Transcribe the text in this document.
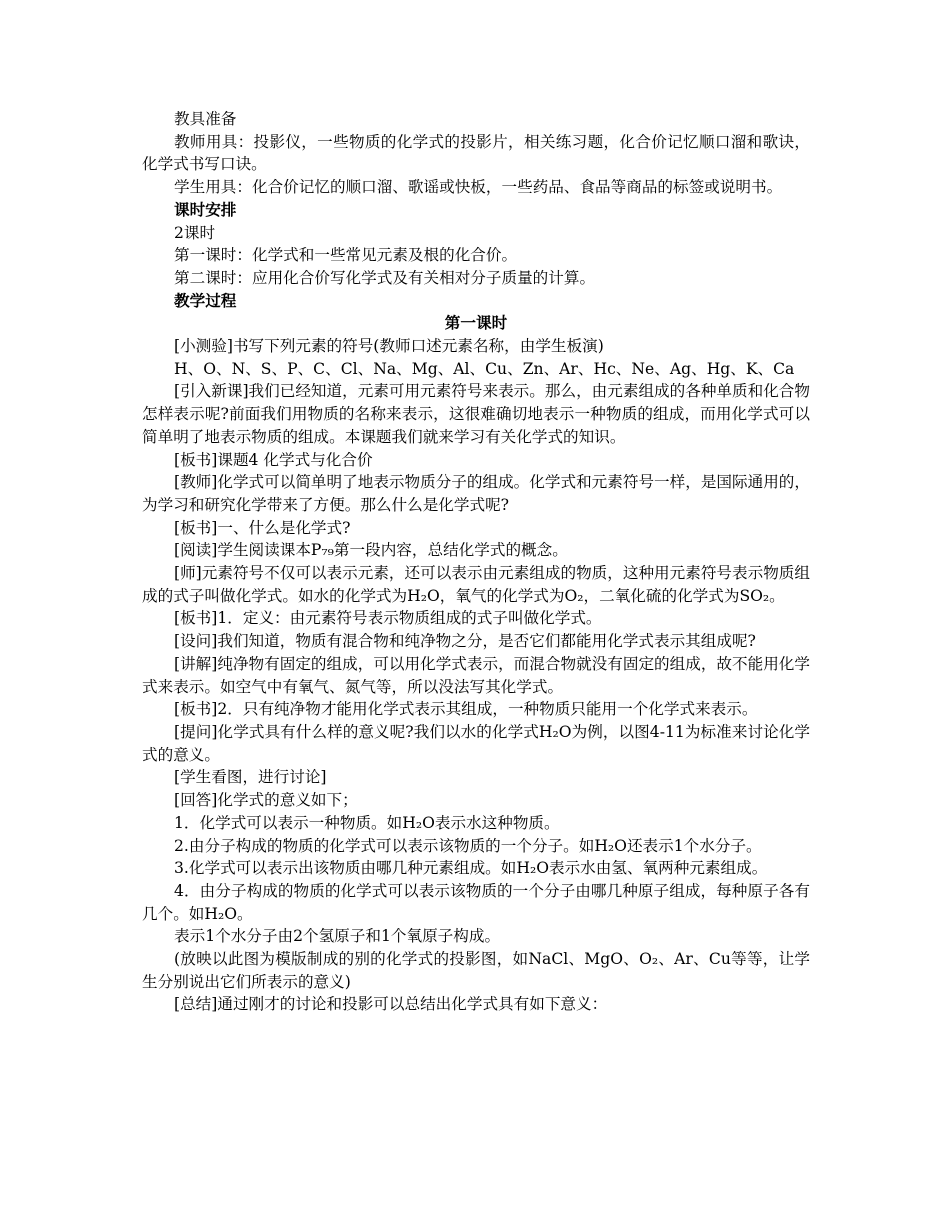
教具准备

教师用具：投影仪，一些物质的化学式的投影片，相关练习题，化合价记忆顺口溜和歌诀，化学式书写口诀。

学生用具：化合价记忆的顺口溜、歌谣或快板，一些药品、食品等商品的标签或说明书。

课时安排

2课时

第一课时：化学式和一些常见元素及根的化合价。

第二课时：应用化合价写化学式及有关相对分子质量的计算。

教学过程

第一课时

[小测验]书写下列元素的符号(教师口述元素名称，由学生板演)

H、O、N、S、P、C、Cl、Na、Mg、Al、Cu、Zn、Ar、Hc、Ne、Ag、Hg、K、Ca

[引入新课]我们已经知道，元素可用元素符号来表示。那么，由元素组成的各种单质和化合物怎样表示呢?前面我们用物质的名称来表示，这很难确切地表示一种物质的组成，而用化学式可以简单明了地表示物质的组成。本课题我们就来学习有关化学式的知识。

[板书]课题4 化学式与化合价

[教师]化学式可以简单明了地表示物质分子的组成。化学式和元素符号一样，是国际通用的，为学习和研究化学带来了方便。那么什么是化学式呢?

[板书]一、什么是化学式?

[阅读]学生阅读课本P₇₉第一段内容，总结化学式的概念。

[师]元素符号不仅可以表示元素，还可以表示由元素组成的物质，这种用元素符号表示物质组成的式子叫做化学式。如水的化学式为H₂O，氧气的化学式为O₂，二氧化硫的化学式为SO₂。

[板书]1．定义：由元素符号表示物质组成的式子叫做化学式。

[设问]我们知道，物质有混合物和纯净物之分，是否它们都能用化学式表示其组成呢?

[讲解]纯净物有固定的组成，可以用化学式表示，而混合物就没有固定的组成，故不能用化学式来表示。如空气中有氧气、氮气等，所以没法写其化学式。

[板书]2．只有纯净物才能用化学式表示其组成，一种物质只能用一个化学式来表示。

[提问]化学式具有什么样的意义呢?我们以水的化学式H₂O为例，以图4-11为标准来讨论化学式的意义。

[学生看图，进行讨论]

[回答]化学式的意义如下；

1．化学式可以表示一种物质。如H₂O表示水这种物质。

2.由分子构成的物质的化学式可以表示该物质的一个分子。如H₂O还表示1个水分子。

3.化学式可以表示出该物质由哪几种元素组成。如H₂O表示水由氢、氧两种元素组成。

4．由分子构成的物质的化学式可以表示该物质的一个分子由哪几种原子组成，每种原子各有几个。如H₂O。

表示1个水分子由2个氢原子和1个氧原子构成。

(放映以此图为模版制成的别的化学式的投影图，如NaCl、MgO、O₂、Ar、Cu等等，让学生分别说出它们所表示的意义)

[总结]通过刚才的讨论和投影可以总结出化学式具有如下意义：
